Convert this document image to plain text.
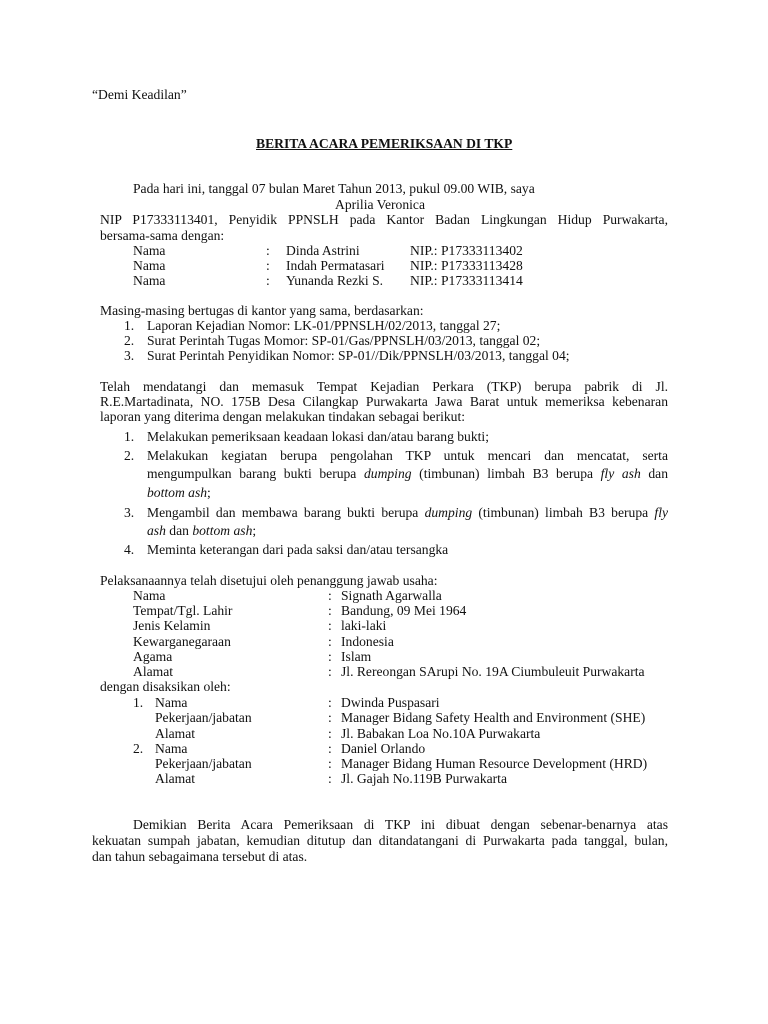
“Demi Keadilan”
BERITA ACARA PEMERIKSAAN DI TKP
Pada hari ini, tanggal 07 bulan Maret Tahun 2013, pukul 09.00 WIB, saya
Aprilia Veronica
NIP P17333113401, Penyidik PPNSLH pada Kantor Badan Lingkungan Hidup Purwakarta,
bersama-sama dengan:
Nama	: Dinda Astrini	NIP.: P17333113402
Nama	: Indah Permatasari NIP.: P17333113428
Nama	: Yunanda Rezki S. NIP.: P17333113414
Masing-masing bertugas di kantor yang sama, berdasarkan:
1. Laporan Kejadian Nomor: LK-01/PPNSLH/02/2013, tanggal 27;
2. Surat Perintah Tugas Momor: SP-01/Gas/PPNSLH/03/2013, tanggal 02;
3. Surat Perintah Penyidikan Nomor: SP-01//Dik/PPNSLH/03/2013, tanggal 04;
Telah mendatangi dan memasuk Tempat Kejadian Perkara (TKP) berupa pabrik di Jl.
R.E.Martadinata, NO. 175B Desa Cilangkap Purwakarta Jawa Barat untuk memeriksa kebenaran
laporan yang diterima dengan melakukan tindakan sebagai berikut:
1. Melakukan pemeriksaan keadaan lokasi dan/atau barang bukti;
2. Melakukan kegiatan berupa pengolahan TKP untuk mencari dan mencatat, serta
mengumpulkan barang bukti berupa dumping (timbunan) limbah B3 berupa fly ash dan
bottom ash;
3. Mengambil dan membawa barang bukti berupa dumping (timbunan) limbah B3 berupa fly
ash dan bottom ash;
4. Meminta keterangan dari pada saksi dan/atau tersangka
Pelaksanaannya telah disetujui oleh penanggung jawab usaha:
Nama	: Signath Agarwalla
Tempat/Tgl. Lahir	: Bandung, 09 Mei 1964
Jenis Kelamin	: laki-laki
Kewarganegaraan	: Indonesia
Agama	: Islam
Alamat	: Jl. Rereongan SArupi No. 19A Ciumbuleuit Purwakarta
dengan disaksikan oleh:
1. Nama	: Dwinda Puspasari
Pekerjaan/jabatan	: Manager Bidang Safety Health and Environment (SHE)
Alamat	: Jl. Babakan Loa No.10A Purwakarta
2. Nama	: Daniel Orlando
Pekerjaan/jabatan	: Manager Bidang Human Resource Development (HRD)
Alamat	: Jl. Gajah No.119B Purwakarta
Demikian Berita Acara Pemeriksaan di TKP ini dibuat dengan sebenar-benarnya atas
kekuatan sumpah jabatan, kemudian ditutup dan ditandatangani di Purwakarta pada tanggal, bulan,
dan tahun sebagaimana tersebut di atas.
